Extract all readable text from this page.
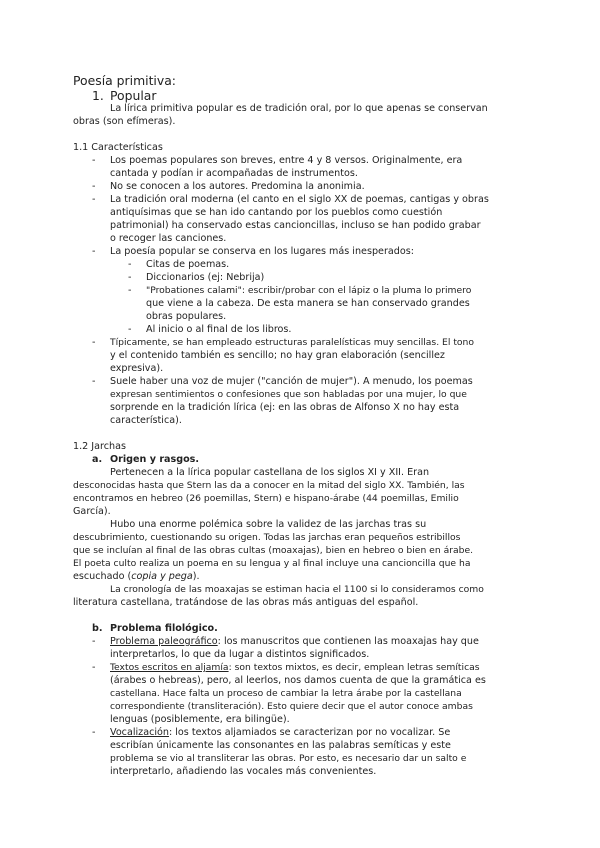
Poesía primitiva:
1. Popular
La lírica primitiva popular es de tradición oral, por lo que apenas se conservan
obras (son efímeras).
1.1 Características
- Los poemas populares son breves, entre 4 y 8 versos. Originalmente, era
cantada y podían ir acompañadas de instrumentos.
- No se conocen a los autores. Predomina la anonimia.
- La tradición oral moderna (el canto en el siglo XX de poemas, cantigas y obras
antiquísimas que se han ido cantando por los pueblos como cuestión
patrimonial) ha conservado estas cancioncillas, incluso se han podido grabar
o recoger las canciones.
- La poesía popular se conserva en los lugares más inesperados:
- Citas de poemas.
- Diccionarios (ej: Nebrija)
- "Probationes calami": escribir/probar con el lápiz o la pluma lo primero
que viene a la cabeza. De esta manera se han conservado grandes
obras populares.
- Al inicio o al final de los libros.
- Típicamente, se han empleado estructuras paralelísticas muy sencillas. El tono
y el contenido también es sencillo; no hay gran elaboración (sencillez
expresiva).
- Suele haber una voz de mujer ("canción de mujer"). A menudo, los poemas
expresan sentimientos o confesiones que son habladas por una mujer, lo que
sorprende en la tradición lírica (ej: en las obras de Alfonso X no hay esta
característica).
1.2 Jarchas
a. Origen y rasgos.
Pertenecen a la lírica popular castellana de los siglos XI y XII. Eran
desconocidas hasta que Stern las da a conocer en la mitad del siglo XX. También, las
encontramos en hebreo (26 poemillas, Stern) e hispano-árabe (44 poemillas, Emilio
García).
Hubo una enorme polémica sobre la validez de las jarchas tras su
descubrimiento, cuestionando su origen. Todas las jarchas eran pequeños estribillos
que se incluían al final de las obras cultas (moaxajas), bien en hebreo o bien en árabe.
El poeta culto realiza un poema en su lengua y al final incluye una cancioncilla que ha
escuchado (copia y pega).
La cronología de las moaxajas se estiman hacia el 1100 si lo consideramos como
literatura castellana, tratándose de las obras más antiguas del español.
b. Problema filológico.
- Problema paleográfico: los manuscritos que contienen las moaxajas hay que
interpretarlos, lo que da lugar a distintos significados.
- Textos escritos en aljamía: son textos mixtos, es decir, emplean letras semíticas
(árabes o hebreas), pero, al leerlos, nos damos cuenta de que la gramática es
castellana. Hace falta un proceso de cambiar la letra árabe por la castellana
correspondiente (transliteración). Esto quiere decir que el autor conoce ambas
lenguas (posiblemente, era bilingüe).
- Vocalización: los textos aljamiados se caracterizan por no vocalizar. Se
escribían únicamente las consonantes en las palabras semíticas y este
problema se vio al transliterar las obras. Por esto, es necesario dar un salto e
interpretarlo, añadiendo las vocales más convenientes.
